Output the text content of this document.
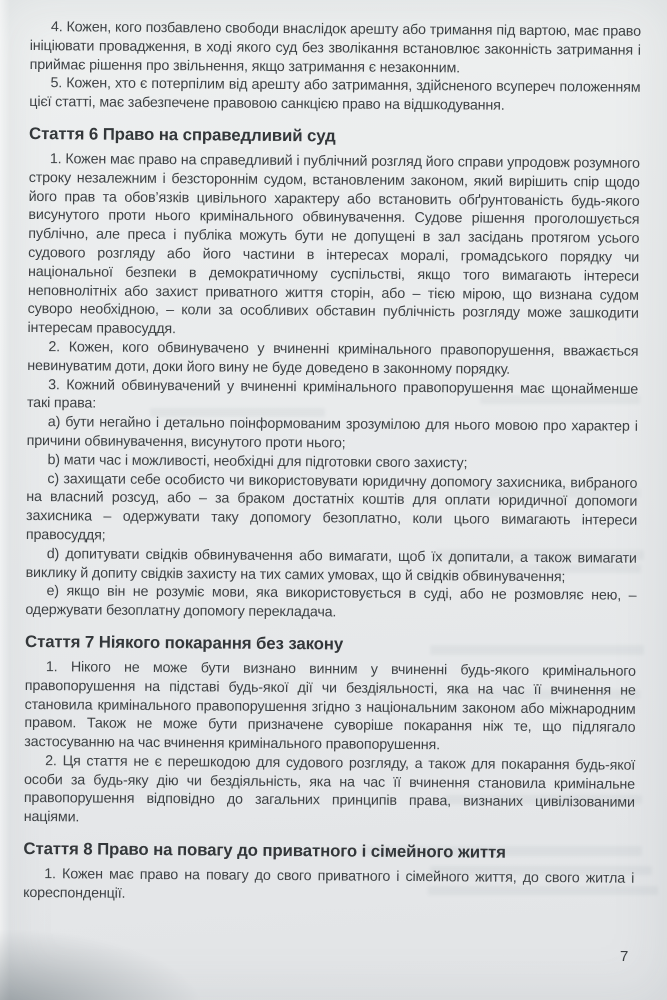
4. Кожен, кого позбавлено свободи внаслідок арешту або тримання під вартою, має право ініціювати провадження, в ході якого суд без зволікання встановлює законність затримання і приймає рішення про звільнення, якщо затримання є незаконним.

5. Кожен, хто є потерпілим від арешту або затримання, здійсненого всупереч положенням цієї статті, має забезпечене правовою санкцією право на відшкодування.

Стаття 6 Право на справедливий суд

1. Кожен має право на справедливий і публічний розгляд його справи упродовж розумного строку незалежним і безстороннім судом, встановленим законом, який вирішить спір щодо його прав та обов’язків цивільного характеру або встановить обґрунтованість будь-якого висунутого проти нього кримінального обвинувачення. Судове рішення проголошується публічно, але преса і публіка можуть бути не допущені в зал засідань протягом усього судового розгляду або його частини в інтересах моралі, громадського порядку чи національної безпеки в демократичному суспільстві, якщо того вимагають інтереси неповнолітніх або захист приватного життя сторін, або – тією мірою, що визнана судом суворо необхідною, – коли за особливих обставин публічність розгляду може зашкодити інтересам правосуддя.

2. Кожен, кого обвинувачено у вчиненні кримінального правопорушення, вважається невинуватим доти, доки його вину не буде доведено в законному порядку.

3. Кожний обвинувачений у вчиненні кримінального правопорушення має щонайменше такі права:

a) бути негайно і детально поінформованим зрозумілою для нього мовою про характер і причини обвинувачення, висунутого проти нього;

b) мати час і можливості, необхідні для підготовки свого захисту;

c) захищати себе особисто чи використовувати юридичну допомогу захисника, вибраного на власний розсуд, або – за браком достатніх коштів для оплати юридичної допомоги захисника – одержувати таку допомогу безоплатно, коли цього вимагають інтереси правосуддя;

d) допитувати свідків обвинувачення або вимагати, щоб їх допитали, а також вимагати виклику й допиту свідків захисту на тих самих умовах, що й свідків обвинувачення;

e) якщо він не розуміє мови, яка використовується в суді, або не розмовляє нею, – одержувати безоплатну допомогу перекладача.

Стаття 7 Ніякого покарання без закону

1. Нікого не може бути визнано винним у вчиненні будь-якого кримінального правопорушення на підставі будь-якої дії чи бездіяльності, яка на час її вчинення не становила кримінального правопорушення згідно з національним законом або міжнародним правом. Також не може бути призначене суворіше покарання ніж те, що підлягало застосуванню на час вчинення кримінального правопорушення.

2. Ця стаття не є перешкодою для судового розгляду, а також для покарання будь-якої особи за будь-яку дію чи бездіяльність, яка на час її вчинення становила кримінальне правопорушення відповідно до загальних принципів права, визнаних цивілізованими націями.

Стаття 8 Право на повагу до приватного і сімейного життя

1. Кожен має право на повагу до свого приватного і сімейного життя, до свого житла і кореспонденції.

7
